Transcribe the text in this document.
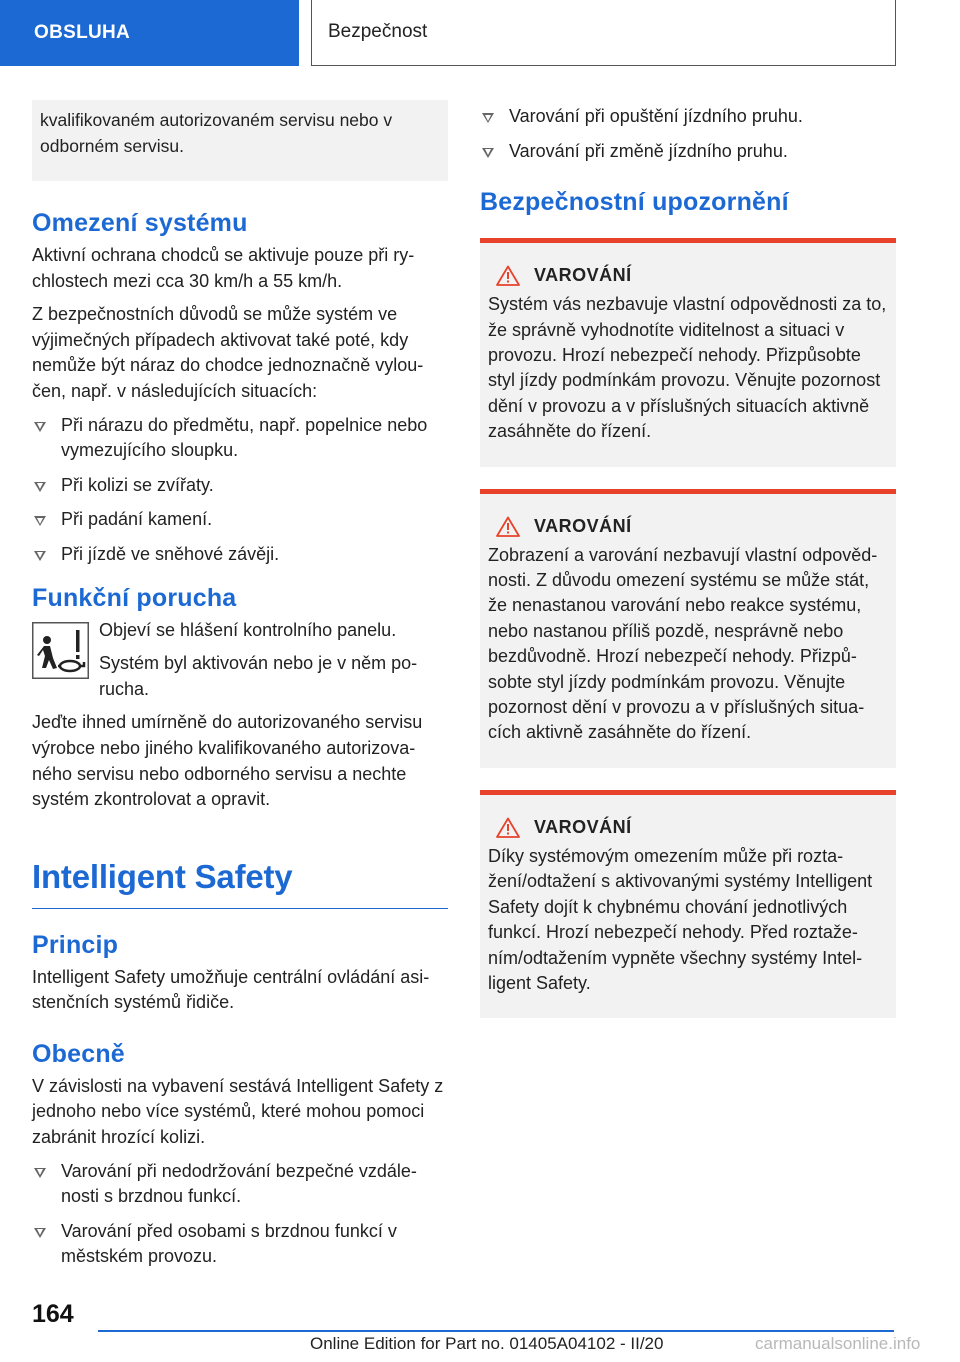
OBSLUHA	Bezpečnost
kvalifikovaném autorizovaném servisu nebo v odborném servisu.
Omezení systému

Aktivní ochrana chodců se aktivuje pouze při rychlostech mezi cca 30 km/h a 55 km/h.

Z bezpečnostních důvodů se může systém ve výjimečných případech aktivovat také poté, kdy nemůže být náraz do chodce jednoznačně vyloučen, např. v následujících situacích:

Při nárazu do předmětu, např. popelnice nebo vymezujícího sloupku.
Při kolizi se zvířaty.
Při padání kamení.
Při jízdě ve sněhové závěji.
Funkční porucha

Objeví se hlášení kontrolního panelu.

Systém byl aktivován nebo je v něm porucha.

Jeďte ihned umírněně do autorizovaného servisu výrobce nebo jiného kvalifikovaného autorizovaného servisu nebo odborného servisu a nechte systém zkontrolovat a opravit.

Intelligent Safety
Princip

Intelligent Safety umožňuje centrální ovládání asistenčních systémů řidiče.

Obecně

V závislosti na vybavení sestává Intelligent Safety z jednoho nebo více systémů, které mohou pomoci zabránit hrozící kolizi.

Varování při nedodržování bezpečné vzdálenosti s brzdnou funkcí.
Varování před osobami s brzdnou funkcí v městském provozu.
Varování při opuštění jízdního pruhu.
Varování při změně jízdního pruhu.
Bezpečnostní upozornění
VAROVÁNÍ

Systém vás nezbavuje vlastní odpovědnosti za to, že správně vyhodnotíte viditelnost a situaci v provozu. Hrozí nebezpečí nehody. Přizpůsobte styl jízdy podmínkám provozu. Věnujte pozornost dění v provozu a v příslušných situacích aktivně zasáhněte do řízení.

VAROVÁNÍ

Zobrazení a varování nezbavují vlastní odpovědnosti. Z důvodu omezení systému se může stát, že nenastanou varování nebo reakce systému, nebo nastanou příliš pozdě, nesprávně nebo bezdůvodně. Hrozí nebezpečí nehody. Přizpůsobte styl jízdy podmínkám provozu. Věnujte pozornost dění v provozu a v příslušných situacích aktivně zasáhněte do řízení.

VAROVÁNÍ

Díky systémovým omezením může při roztažení/odtažení s aktivovanými systémy Intelligent Safety dojít k chybnému chování jednotlivých funkcí. Hrozí nebezpečí nehody. Před roztažením/odtažením vypněte všechny systémy Intelligent Safety.

164
Online Edition for Part no. 01405A04102 - II/20	carmanualsonline.info
